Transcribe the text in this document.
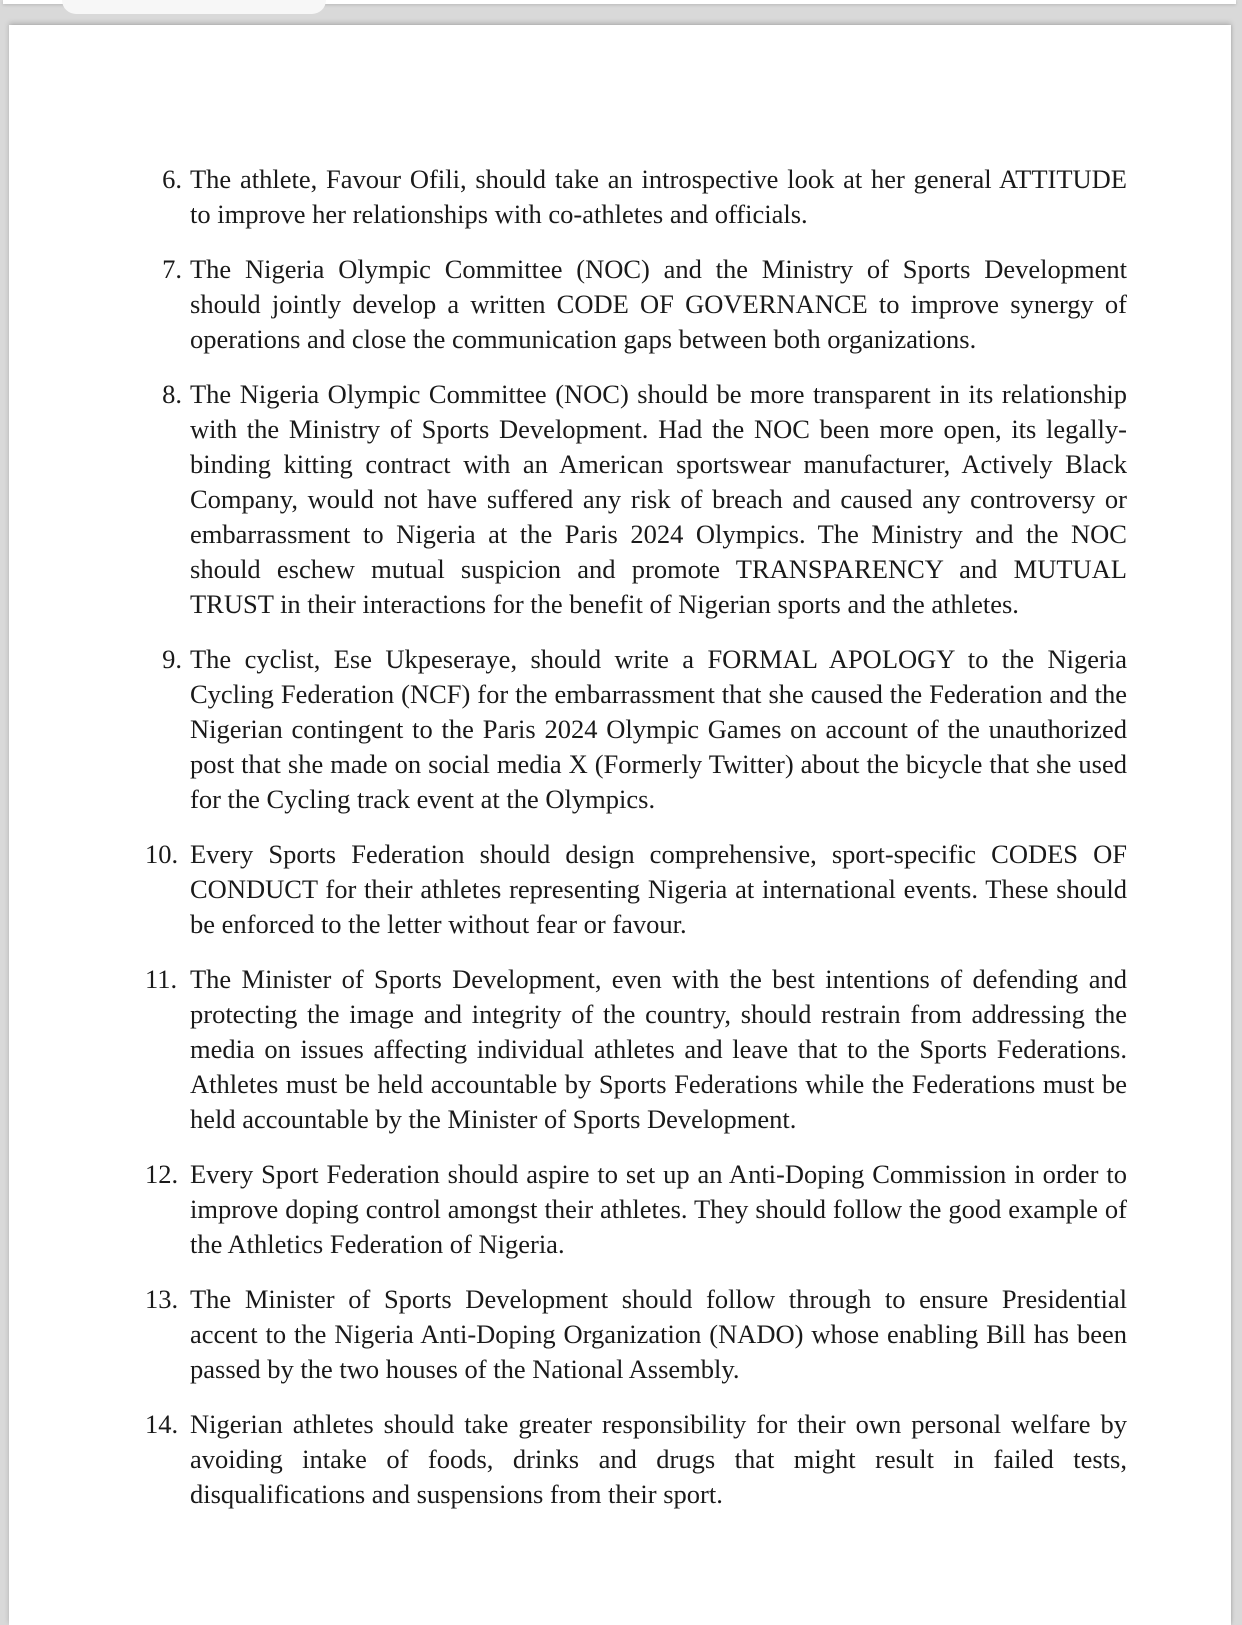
6. The athlete, Favour Ofili, should take an introspective look at her general ATTITUDE to improve her relationships with co-athletes and officials.
7. The Nigeria Olympic Committee (NOC) and the Ministry of Sports Development should jointly develop a written CODE OF GOVERNANCE to improve synergy of operations and close the communication gaps between both organizations.
8. The Nigeria Olympic Committee (NOC) should be more transparent in its relationship with the Ministry of Sports Development. Had the NOC been more open, its legally-binding kitting contract with an American sportswear manufacturer, Actively Black Company, would not have suffered any risk of breach and caused any controversy or embarrassment to Nigeria at the Paris 2024 Olympics. The Ministry and the NOC should eschew mutual suspicion and promote TRANSPARENCY and MUTUAL TRUST in their interactions for the benefit of Nigerian sports and the athletes.
9. The cyclist, Ese Ukpeseraye, should write a FORMAL APOLOGY to the Nigeria Cycling Federation (NCF) for the embarrassment that she caused the Federation and the Nigerian contingent to the Paris 2024 Olympic Games on account of the unauthorized post that she made on social media X (Formerly Twitter) about the bicycle that she used for the Cycling track event at the Olympics.
10. Every Sports Federation should design comprehensive, sport-specific CODES OF CONDUCT for their athletes representing Nigeria at international events. These should be enforced to the letter without fear or favour.
11. The Minister of Sports Development, even with the best intentions of defending and protecting the image and integrity of the country, should restrain from addressing the media on issues affecting individual athletes and leave that to the Sports Federations. Athletes must be held accountable by Sports Federations while the Federations must be held accountable by the Minister of Sports Development.
12. Every Sport Federation should aspire to set up an Anti-Doping Commission in order to improve doping control amongst their athletes. They should follow the good example of the Athletics Federation of Nigeria.
13. The Minister of Sports Development should follow through to ensure Presidential accent to the Nigeria Anti-Doping Organization (NADO) whose enabling Bill has been passed by the two houses of the National Assembly.
14. Nigerian athletes should take greater responsibility for their own personal welfare by avoiding intake of foods, drinks and drugs that might result in failed tests, disqualifications and suspensions from their sport.
